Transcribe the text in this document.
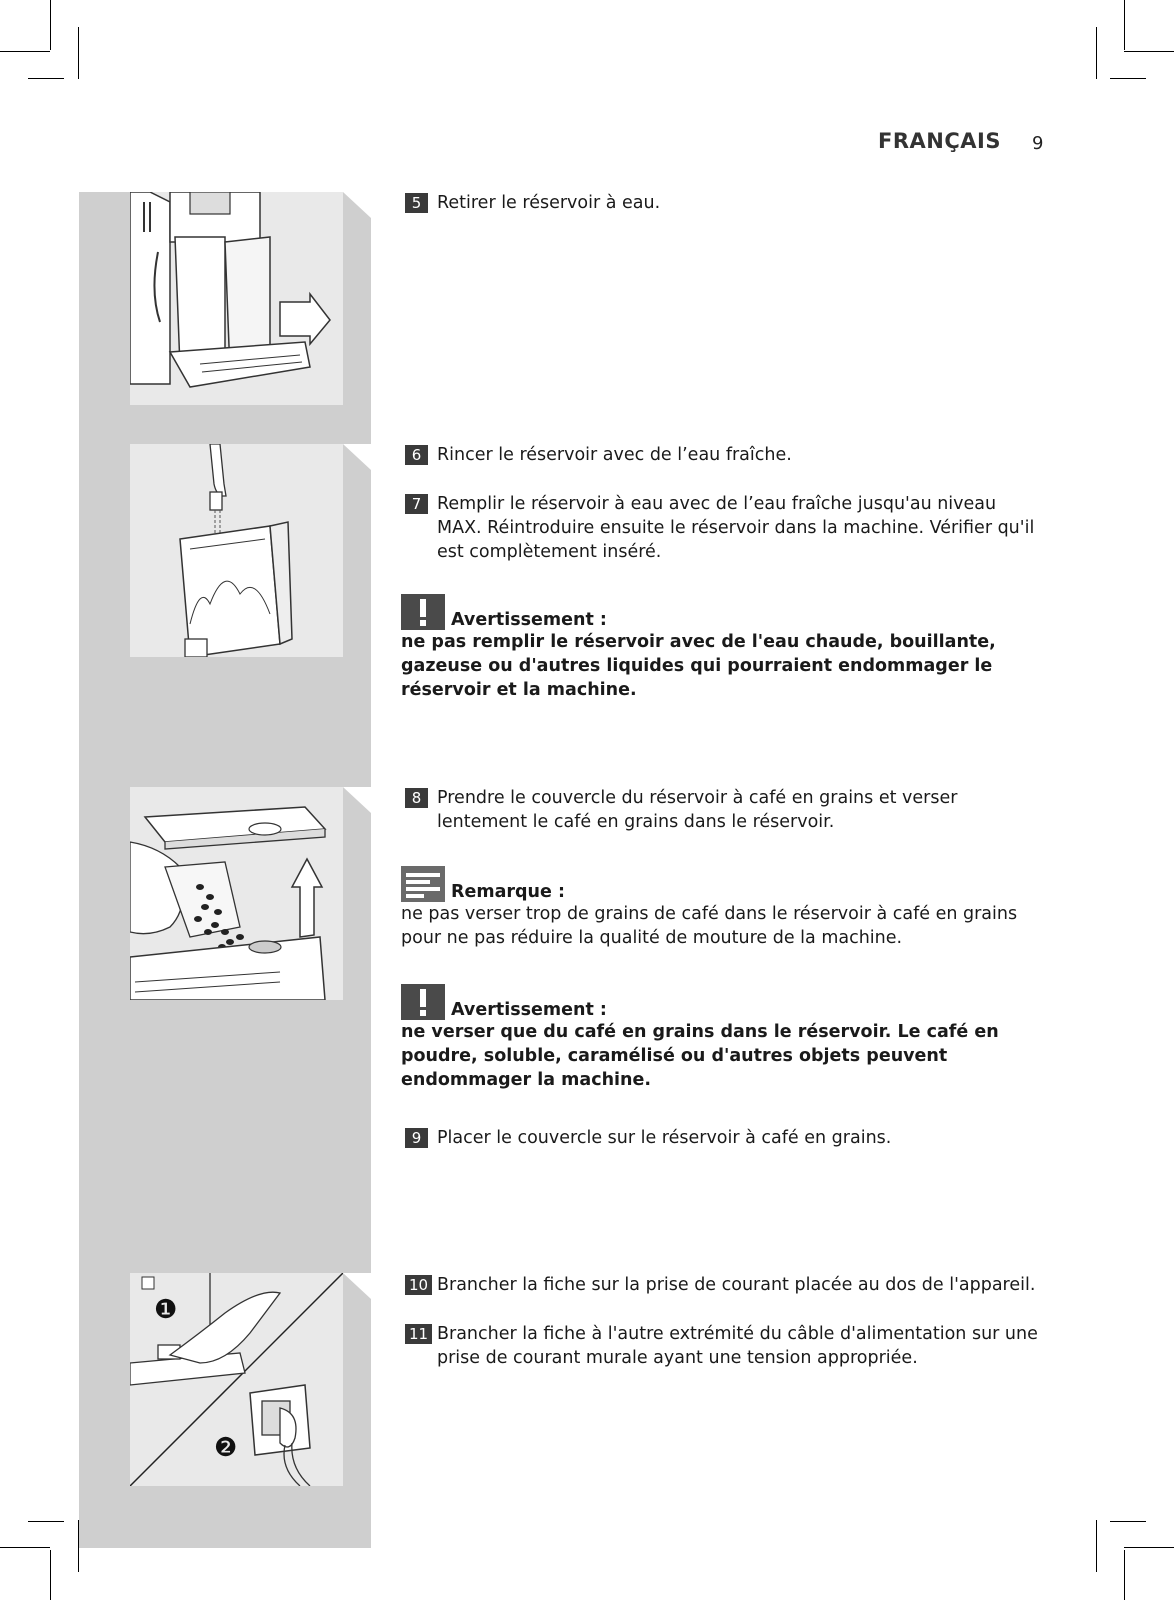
FRANÇAIS 9
❶
❷
5 Retirer le réservoir à eau.
6 Rincer le réservoir avec de l’eau fraîche.
7 Remplir le réservoir à eau avec de l’eau fraîche jusqu'au niveau MAX. Réintroduire ensuite le réservoir dans la machine. Vérifier qu'il est complètement inséré.
Avertissement :
ne pas remplir le réservoir avec de l'eau chaude, bouillante, gazeuse ou d'autres liquides qui pourraient endommager le réservoir et la machine.
8 Prendre le couvercle du réservoir à café en grains et verser lentement le café en grains dans le réservoir.
Remarque :
ne pas verser trop de grains de café dans le réservoir à café en grains pour ne pas réduire la qualité de mouture de la machine.
Avertissement :
ne verser que du café en grains dans le réservoir. Le café en poudre, soluble, caramélisé ou d'autres objets peuvent endommager la machine.
9 Placer le couvercle sur le réservoir à café en grains.
10 Brancher la fiche sur la prise de courant placée au dos de l'appareil.
11 Brancher la fiche à l'autre extrémité du câble d'alimentation sur une prise de courant murale ayant une tension appropriée.
